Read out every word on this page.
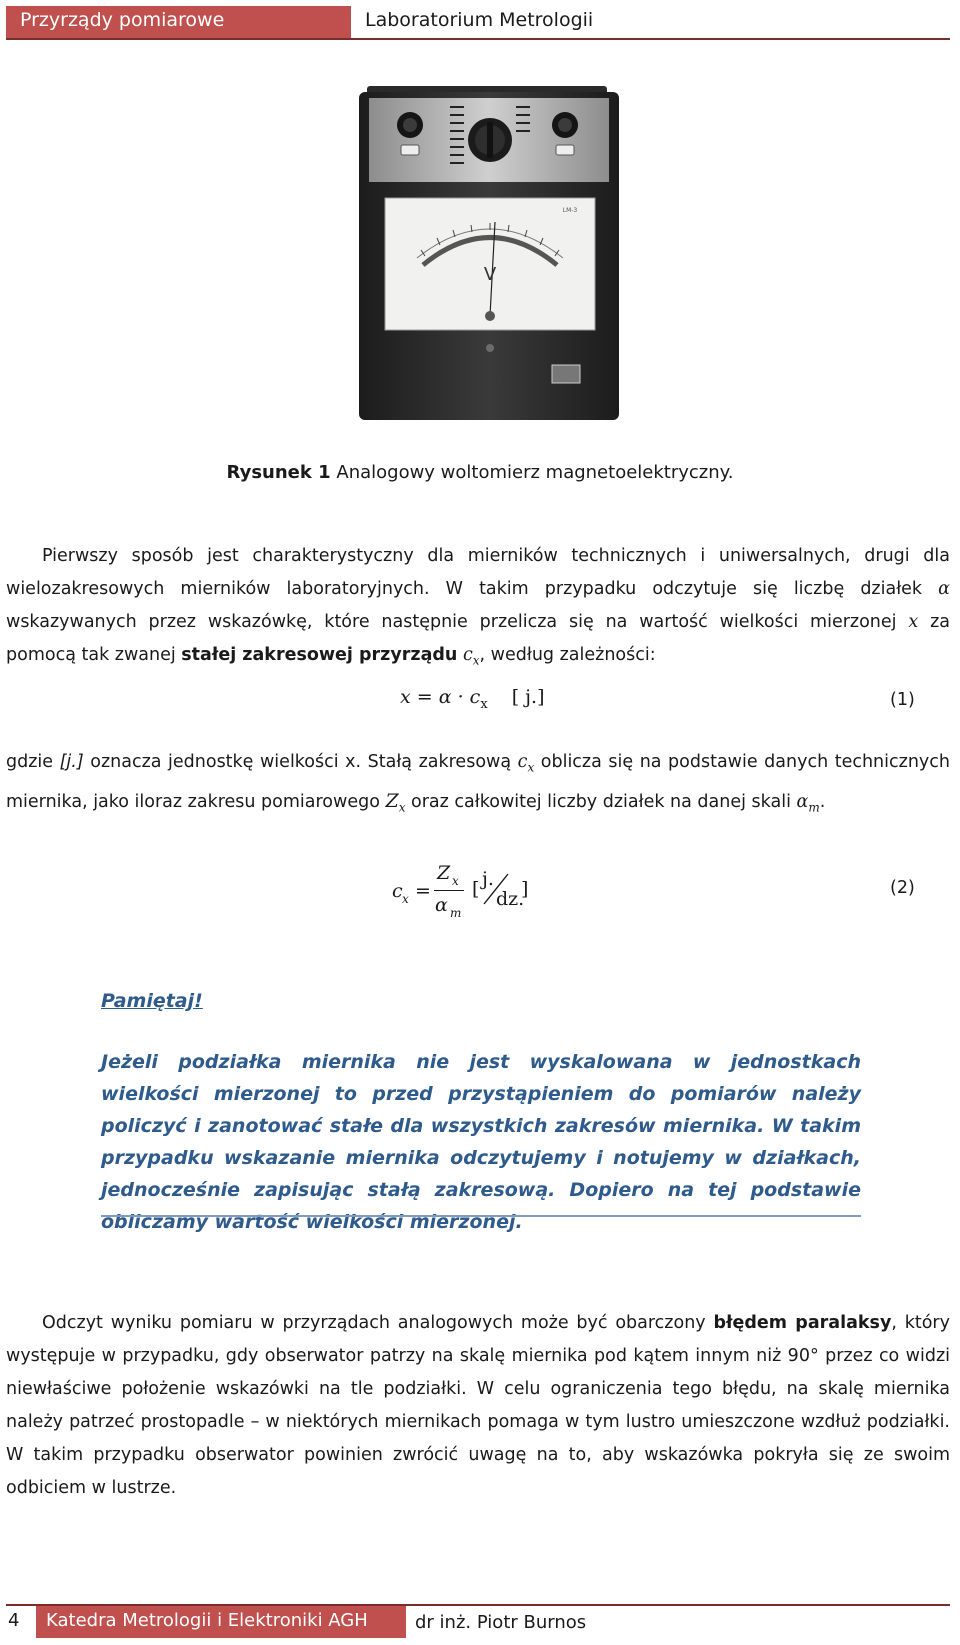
Przyrządy pomiarowe	Laboratorium Metrologii
V
LM-3
Rysunek 1 Analogowy woltomierz magnetoelektryczny.
Pierwszy sposób jest charakterystyczny dla mierników technicznych i uniwersalnych, drugi dla wielozakresowych mierników laboratoryjnych. W takim przypadku odczytuje się liczbę działek α wskazywanych przez wskazówkę, które następnie przelicza się na wartość wielkości mierzonej x za pomocą tak zwanej stałej zakresowej przyrządu $c_x$, według zależności:
$x = \alpha \cdot c_x$ [ j.]	(1)
gdzie [j.] oznacza jednostkę wielkości x. Stałą zakresową $c_x$ oblicza się na podstawie danych technicznych miernika, jako iloraz zakresu pomiarowego $Z_x$ oraz całkowitej liczby działek na danej skali $\alpha_m$.
c x =
Z x
α m
[ j.
dz.
]	(2)
Pamiętaj!
Jeżeli podziałka miernika nie jest wyskalowana w jednostkach wielkości mierzonej to przed przystąpieniem do pomiarów należy policzyć i zanotować stałe dla wszystkich zakresów miernika. W takim przypadku wskazanie miernika odczytujemy i notujemy w działkach, jednocześnie zapisując stałą zakresową. Dopiero na tej podstawie obliczamy wartość wielkości mierzonej.
Odczyt wyniku pomiaru w przyrządach analogowych może być obarczony błędem paralaksy, który występuje w przypadku, gdy obserwator patrzy na skalę miernika pod kątem innym niż 90° przez co widzi niewłaściwe położenie wskazówki na tle podziałki. W celu ograniczenia tego błędu, na skalę miernika należy patrzeć prostopadle – w niektórych miernikach pomaga w tym lustro umieszczone wzdłuż podziałki. W takim przypadku obserwator powinien zwrócić uwagę na to, aby wskazówka pokryła się ze swoim odbiciem w lustrze.
4 Katedra Metrologii i Elektroniki AGH	dr inż. Piotr Burnos
